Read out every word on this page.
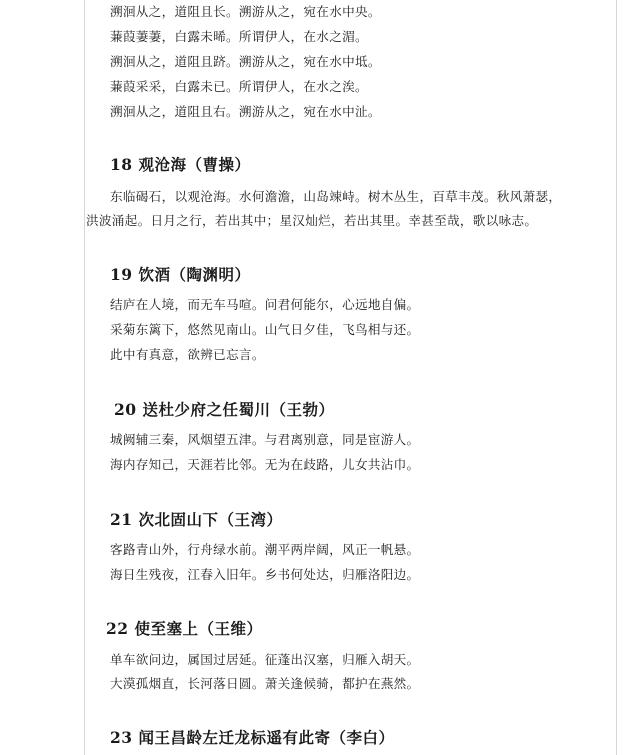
溯洄从之，道阻且长。溯游从之，宛在水中央。
蒹葭萋萋，白露未晞。所谓伊人，在水之湄。
溯洄从之，道阻且跻。溯游从之，宛在水中坻。
蒹葭采采，白露未已。所谓伊人，在水之涘。
溯洄从之，道阻且右。溯游从之，宛在水中沚。
18 观沧海（曹操）
东临碣石，以观沧海。水何澹澹，山岛竦峙。树木丛生，百草丰茂。秋风萧瑟，
洪波涌起。日月之行，若出其中；星汉灿烂，若出其里。幸甚至哉，歌以咏志。
19 饮酒（陶渊明）
结庐在人境，而无车马喧。问君何能尔，心远地自偏。
采菊东篱下，悠然见南山。山气日夕佳，飞鸟相与还。
此中有真意，欲辨已忘言。
20 送杜少府之任蜀川（王勃）
城阙辅三秦，风烟望五津。与君离别意，同是宦游人。
海内存知己，天涯若比邻。无为在歧路，儿女共沾巾。
21 次北固山下（王湾）
客路青山外，行舟绿水前。潮平两岸阔，风正一帆悬。
海日生残夜，江春入旧年。乡书何处达，归雁洛阳边。
22 使至塞上（王维）
单车欲问边，属国过居延。征蓬出汉塞，归雁入胡天。
大漠孤烟直，长河落日圆。萧关逢候骑，都护在燕然。
23 闻王昌龄左迁龙标遥有此寄（李白）
